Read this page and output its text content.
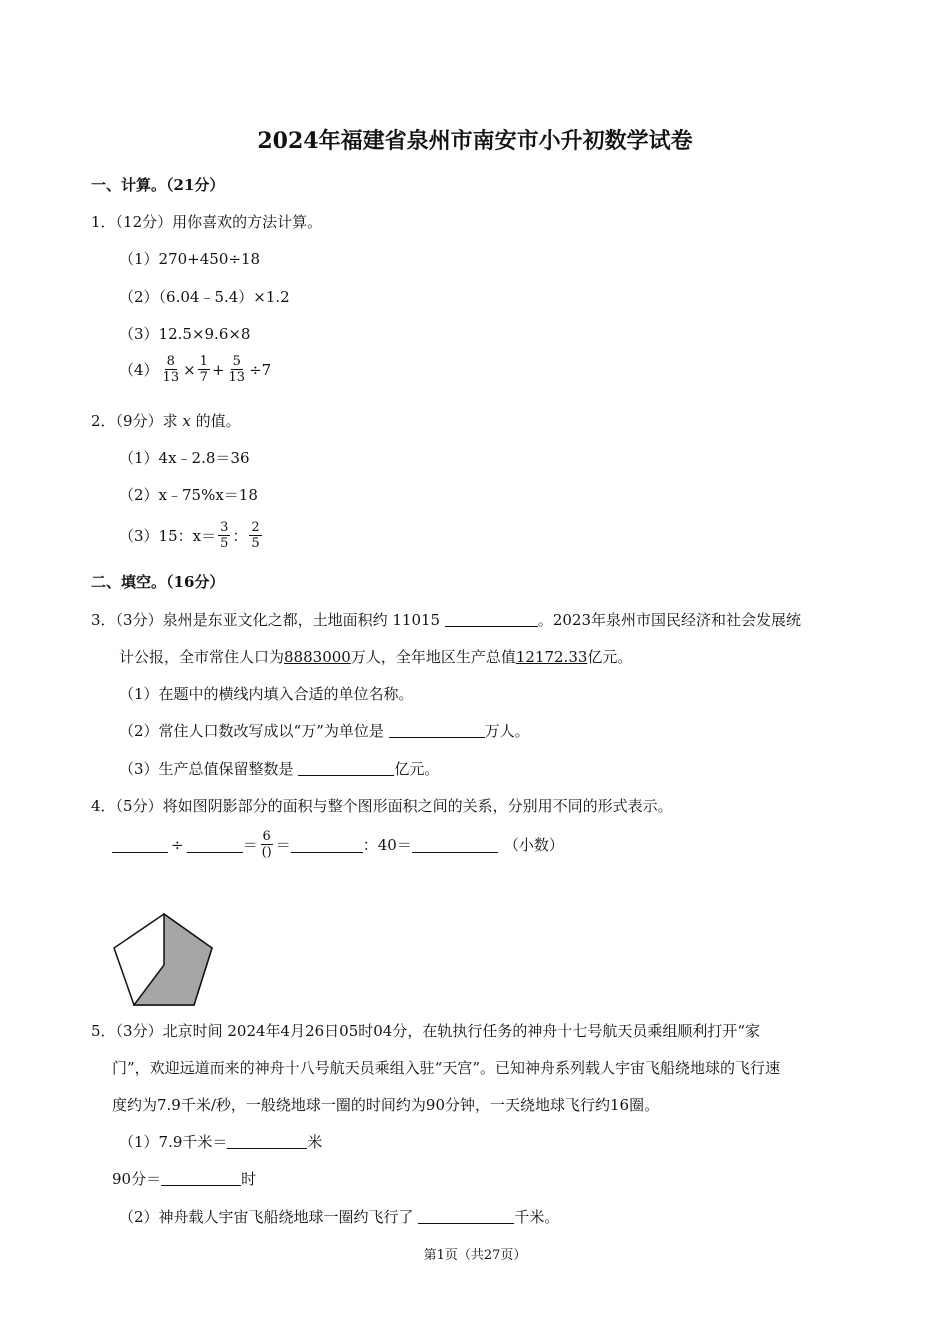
2024年福建省泉州市南安市小升初数学试卷
一、计算。（21分）
1．（12分）用你喜欢的方法计算。
（1）270+450÷18
（2）（6.04﹣5.4）×1.2
（3）12.5×9.6×8
$(4) \frac{8}{13} \times \frac{1}{7} + \frac{5}{13} \div 7$
2．（9分）求 x 的值。
（1）4x﹣2.8＝36
（2）x﹣75%x＝18
（3）15：$x= \frac{3}{5}$ ： $\frac{2}{5}$
二、填空。（16分）
3．（3分）泉州是东亚文化之都，土地面积约 11015	。2023年泉州市国民经济和社会发展统
计公报，全市常住人口为8883000万人，全年地区生产总值12172.33亿元。
（1）在题中的横线内填入合适的单位名称。
（2）常住人口数改写成以“万”为单位是	万人。
（3）生产总值保留整数是	亿元。
4．（5分）将如图阴影部分的面积与整个图形面积之间的关系，分别用不同的形式表示。
÷	＝ $\frac{6}{()}$ ＝	：40＝	（小数）
5．（3分）北京时间 2024年4月26日05时04分，在轨执行任务的神舟十七号航天员乘组顺利打开“家
门”，欢迎远道而来的神舟十八号航天员乘组入驻“天宫”。已知神舟系列载人宇宙飞船绕地球的飞行速
度约为7.9千米/秒，一般绕地球一圈的时间约为90分钟，一天绕地球飞行约16圈。
（1）7.9千米＝	米
90分＝	时
（2）神舟载人宇宙飞船绕地球一圈约飞行了	千米。
第1页（共27页）
